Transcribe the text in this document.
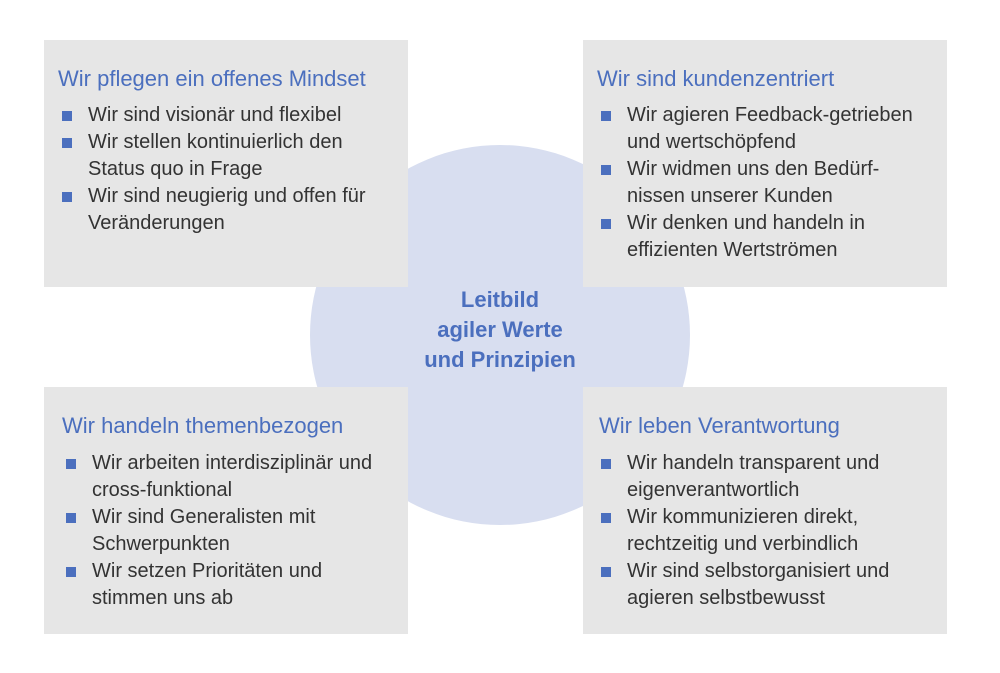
Wir pflegen ein offenes Mindset
Wir sind visionär und flexibel
Wir stellen kontinuierlich den Status quo in Frage
Wir sind neugierig und offen für Veränderungen
Wir sind kundenzentriert
Wir agieren Feedback-getrieben und wertschöpfend
Wir widmen uns den Bedürf-nissen unserer Kunden
Wir denken und handeln in effizienten Wertströmen
Wir handeln themenbezogen
Wir arbeiten interdisziplinär und cross-funktional
Wir sind Generalisten mit Schwerpunkten
Wir setzen Prioritäten und stimmen uns ab
Wir leben Verantwortung
Wir handeln transparent und eigenverantwortlich
Wir kommunizieren direkt, rechtzeitig und verbindlich
Wir sind selbstorganisiert und agieren selbstbewusst
Leitbild
agiler Werte
und Prinzipien
